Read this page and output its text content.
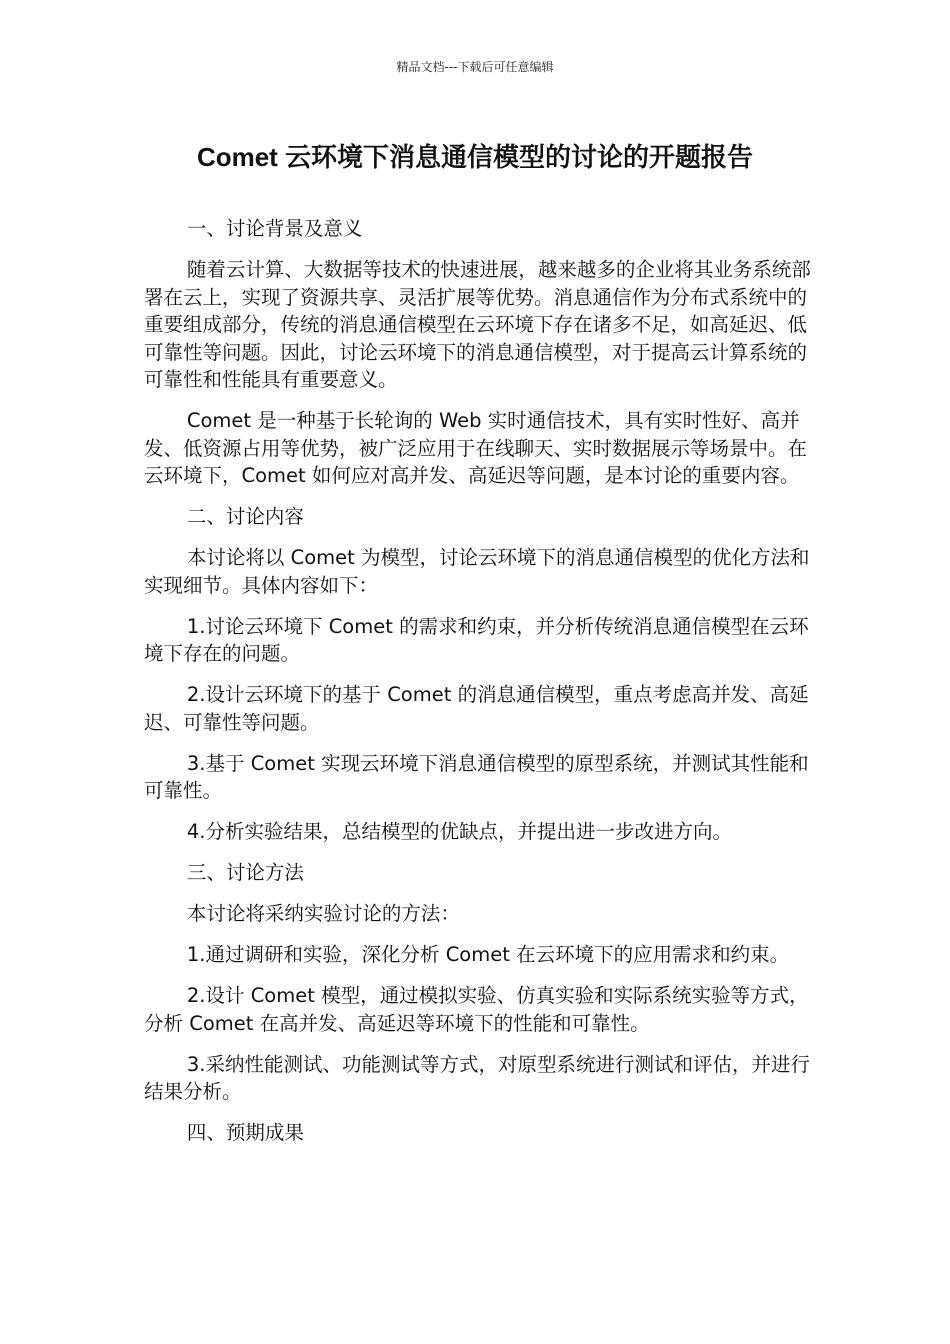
精品文档---下载后可任意编辑
Comet 云环境下消息通信模型的讨论的开题报告

一、讨论背景及意义

随着云计算、大数据等技术的快速进展，越来越多的企业将其业务系统部署在云上，实现了资源共享、灵活扩展等优势。消息通信作为分布式系统中的重要组成部分，传统的消息通信模型在云环境下存在诸多不足，如高延迟、低可靠性等问题。因此，讨论云环境下的消息通信模型，对于提高云计算系统的可靠性和性能具有重要意义。

Comet 是一种基于长轮询的 Web 实时通信技术，具有实时性好、高并发、低资源占用等优势，被广泛应用于在线聊天、实时数据展示等场景中。在云环境下，Comet 如何应对高并发、高延迟等问题，是本讨论的重要内容。

二、讨论内容

本讨论将以 Comet 为模型，讨论云环境下的消息通信模型的优化方法和实现细节。具体内容如下：

1.讨论云环境下 Comet 的需求和约束，并分析传统消息通信模型在云环境下存在的问题。

2.设计云环境下的基于 Comet 的消息通信模型，重点考虑高并发、高延迟、可靠性等问题。

3.基于 Comet 实现云环境下消息通信模型的原型系统，并测试其性能和可靠性。

4.分析实验结果，总结模型的优缺点，并提出进一步改进方向。

三、讨论方法

本讨论将采纳实验讨论的方法：

1.通过调研和实验，深化分析 Comet 在云环境下的应用需求和约束。

2.设计 Comet 模型，通过模拟实验、仿真实验和实际系统实验等方式，分析 Comet 在高并发、高延迟等环境下的性能和可靠性。

3.采纳性能测试、功能测试等方式，对原型系统进行测试和评估，并进行结果分析。

四、预期成果
